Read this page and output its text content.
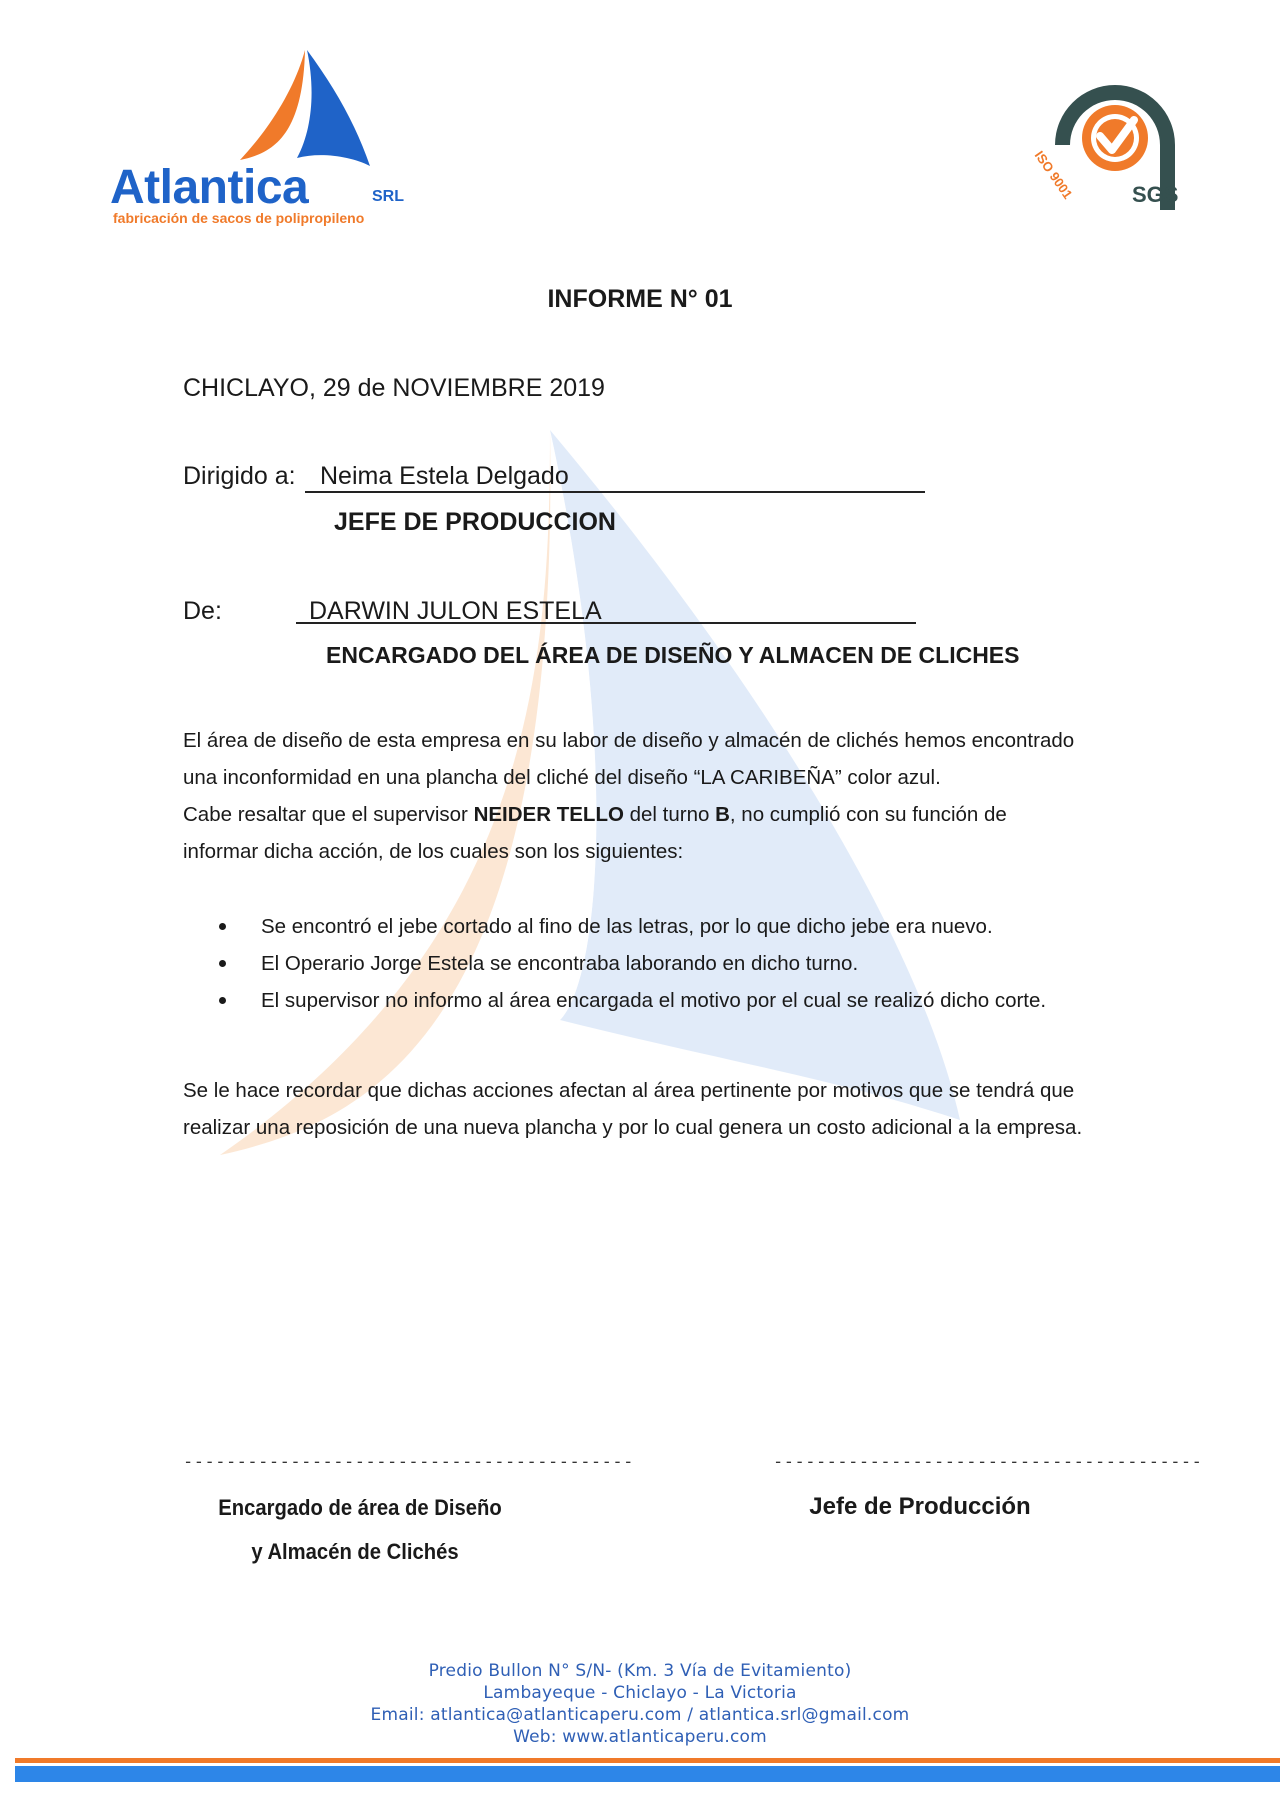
Atlantica	SRL
fabricación de sacos de polipropileno
ISO 9001	SGS
INFORME N° 01
CHICLAYO, 29 de NOVIEMBRE 2019
Dirigido a: Neima Estela Delgado
JEFE DE PRODUCCION
De:	DARWIN JULON ESTELA
ENCARGADO DEL ÁREA DE DISEÑO Y ALMACEN DE CLICHES
El área de diseño de esta empresa en su labor de diseño y almacén de clichés hemos encontrado
una inconformidad en una plancha del cliché del diseño “LA CARIBEÑA” color azul.
Cabe resaltar que el supervisor NEIDER TELLO del turno B, no cumplió con su función de
informar dicha acción, de los cuales son los siguientes:
Se encontró el jebe cortado al fino de las letras, por lo que dicho jebe era nuevo.
El Operario Jorge Estela se encontraba laborando en dicho turno.
El supervisor no informo al área encargada el motivo por el cual se realizó dicho corte.
Se le hace recordar que dichas acciones afectan al área pertinente por motivos que se tendrá que
realizar una reposición de una nueva plancha y por lo cual genera un costo adicional a la empresa.
------------------------------------------	----------------------------------------
Encargado de área de Diseño
y Almacén de Clichés
Jefe de Producción
Predio Bullon N° S/N- (Km. 3 Vía de Evitamiento)
Lambayeque - Chiclayo - La Victoria
Email: atlantica@atlanticaperu.com / atlantica.srl@gmail.com
Web: www.atlanticaperu.com
